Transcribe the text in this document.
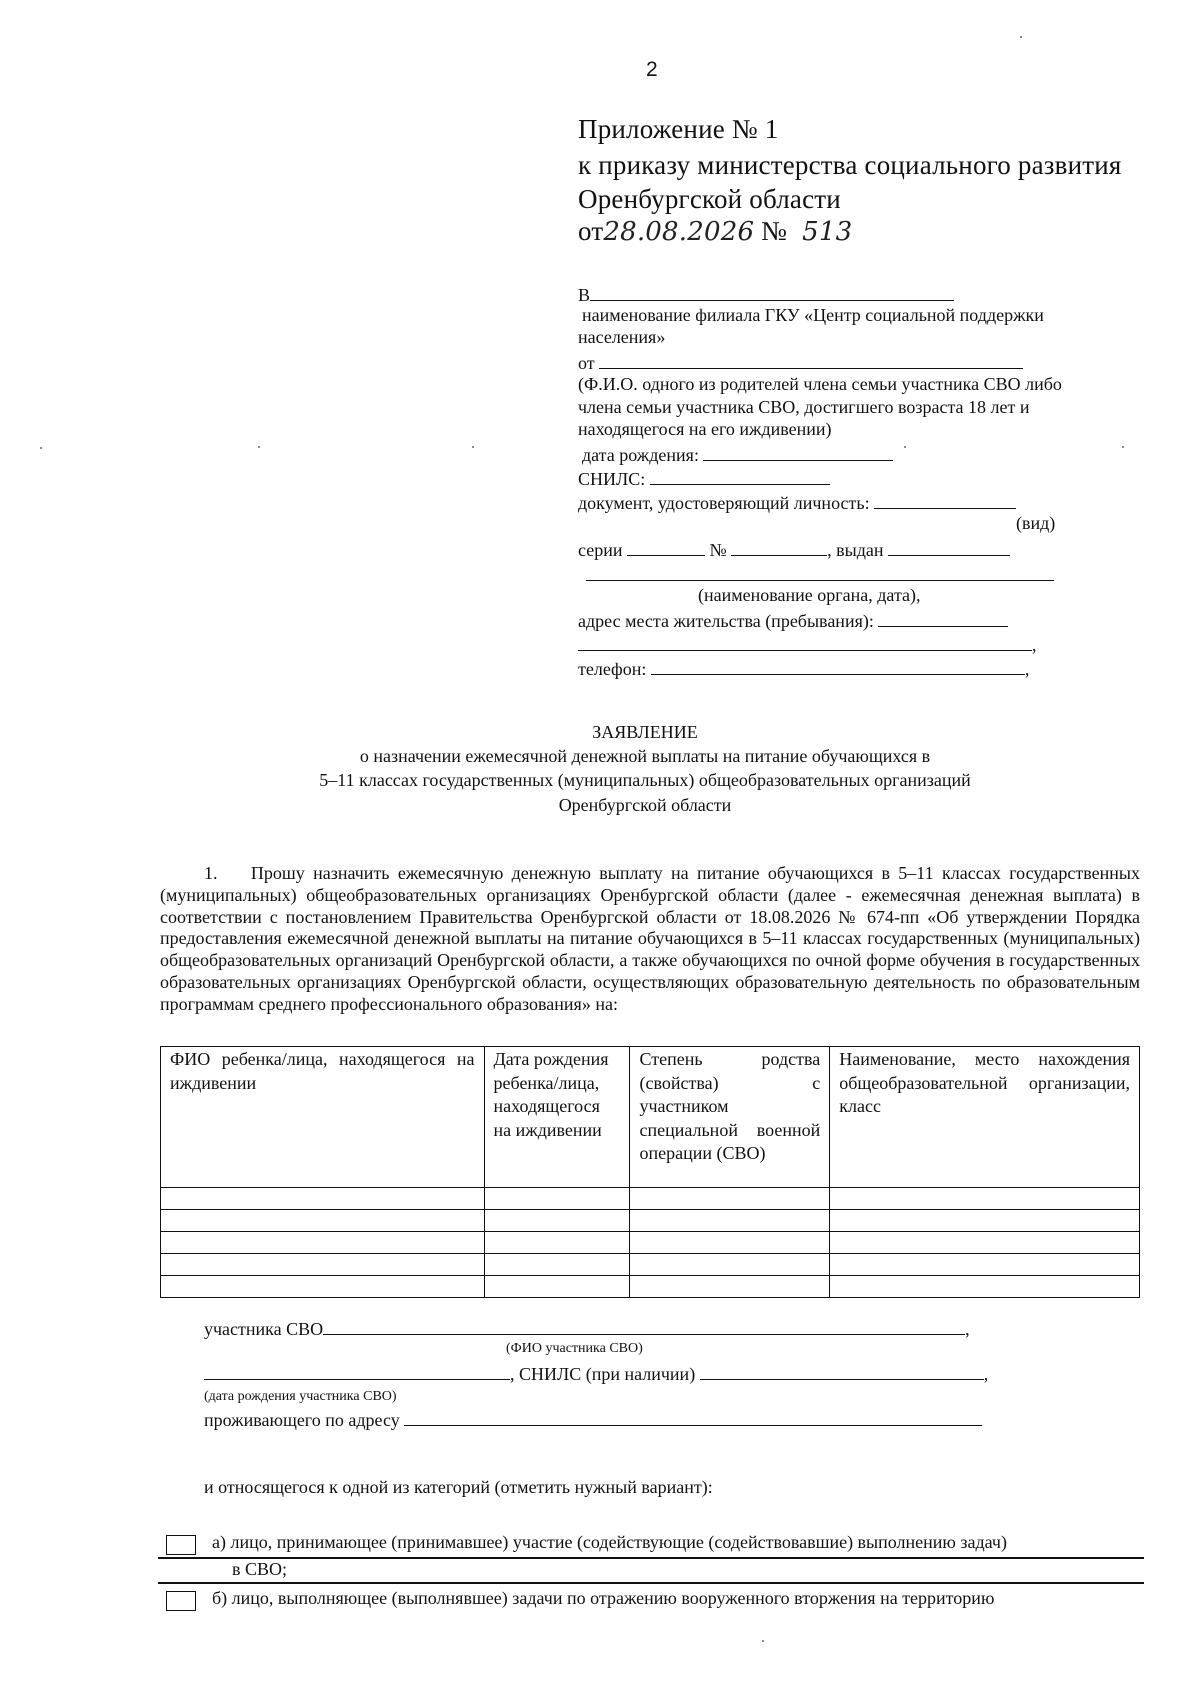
2
Приложение № 1
к приказу министерства социального развития
Оренбургской области
от28.08.2026 № 513
В
наименование филиала ГКУ «Центр социальной поддержки
населения»
от
(Ф.И.О. одного из родителей члена семьи участника СВО либо
члена семьи участника СВО, достигшего возраста 18 лет и
находящегося на его иждивении)
дата рождения:
СНИЛС:
документ, удостоверяющий личность:
(вид)
серии	№	, выдан
(наименование органа, дата),
адрес места жительства (пребывания):
,
телефон:	,
ЗАЯВЛЕНИЕ
о назначении ежемесячной денежной выплаты на питание обучающихся в
5–11 классах государственных (муниципальных) общеобразовательных организаций
Оренбургской области
1.    Прошу назначить ежемесячную денежную выплату на питание обучающихся в 5–11 классах государственных (муниципальных) общеобразовательных организациях Оренбургской области (далее - ежемесячная денежная выплата) в соответствии с постановлением Правительства Оренбургской области от 18.08.2026 № 674-пп «Об утверждении Порядка предоставления ежемесячной денежной выплаты на питание обучающихся в 5–11 классах государственных (муниципальных) общеобразовательных организаций Оренбургской области, а также обучающихся по очной форме обучения в государственных образовательных организациях Оренбургской области, осуществляющих образовательную деятельность по образовательным программам среднего профессионального образования» на:
ФИО ребенка/лица, находящегося на иждивении	Дата рождения ребенка/лица, находящегося на иждивении	Степень родства (свойства) с участником специальной военной операции (СВО)	Наименование, место нахождения общеобразовательной организации, класс

участника СВО	,
(ФИО участника СВО)
, СНИЛС (при наличии)	,
(дата рождения участника СВО)
проживающего по адресу
и относящегося к одной из категорий (отметить нужный вариант):
а) лицо, принимающее (принимавшее) участие (содействующие (содействовавшие) выполнению задач)
в СВО;
б) лицо, выполняющее (выполнявшее) задачи по отражению вооруженного вторжения на территорию
